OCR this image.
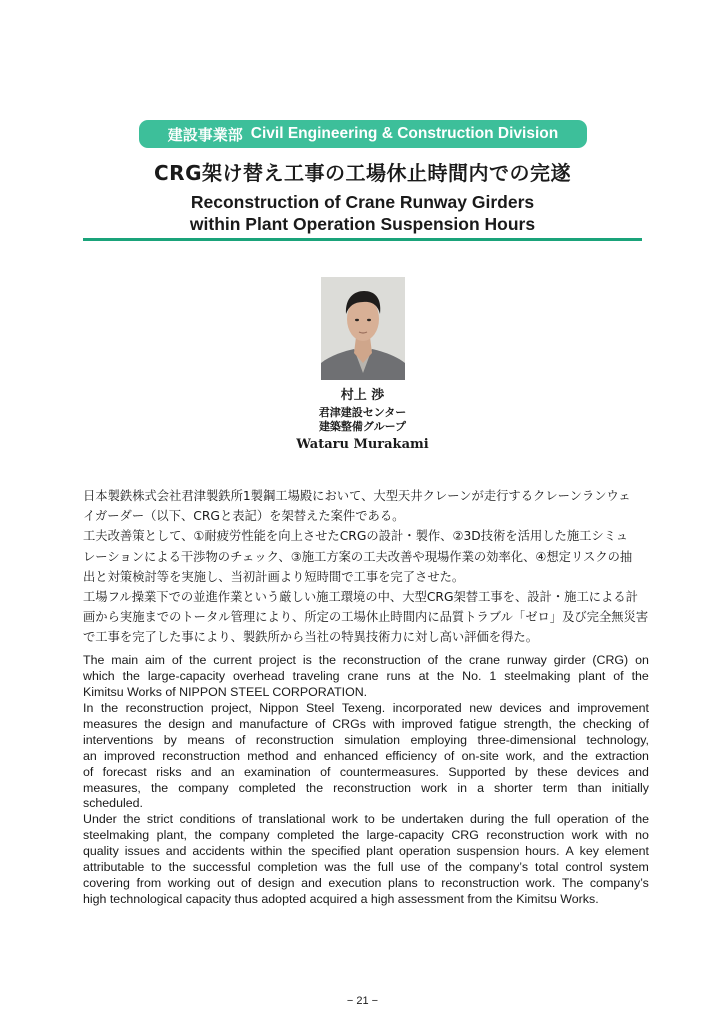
建設事業部 Civil Engineering & Construction Division
CRG架け替え工事の工場休止時間内での完遂
Reconstruction of Crane Runway Girders
within Plant Operation Suspension Hours
村上 渉
君津建設センター
建築整備グループ
Wataru Murakami
日本製鉄株式会社君津製鉄所1製鋼工場殿において、大型天井クレーンが走行するクレーンランウェ
イガーダー（以下、CRGと表記）を架替えた案件である。
工夫改善策として、①耐疲労性能を向上させたCRGの設計・製作、②3D技術を活用した施工シミュ
レーションによる干渉物のチェック、③施工方案の工夫改善や現場作業の効率化、④想定リスクの抽
出と対策検討等を実施し、当初計画より短時間で工事を完了させた。
工場フル操業下での並進作業という厳しい施工環境の中、大型CRG架替工事を、設計・施工による計
画から実施までのトータル管理により、所定の工場休止時間内に品質トラブル「ゼロ」及び完全無災害
で工事を完了した事により、製鉄所から当社の特異技術力に対し高い評価を得た。
The main aim of the current project is the reconstruction of the crane runway girder (CRG) on
which the large-capacity overhead traveling crane runs at the No. 1 steelmaking plant of the
Kimitsu Works of NIPPON STEEL CORPORATION.
In the reconstruction project, Nippon Steel Texeng. incorporated new devices and improvement
measures the design and manufacture of CRGs with improved fatigue strength, the checking of
interventions by means of reconstruction simulation employing three-dimensional technology,
an improved reconstruction method and enhanced efficiency of on-site work, and the extraction
of forecast risks and an examination of countermeasures. Supported by these devices and
measures, the company completed the reconstruction work in a shorter term than initially
scheduled.
Under the strict conditions of translational work to be undertaken during the full operation of the
steelmaking plant, the company completed the large-capacity CRG reconstruction work with no
quality issues and accidents within the specified plant operation suspension hours. A key element
attributable to the successful completion was the full use of the company’s total control system
covering from working out of design and execution plans to reconstruction work. The company’s
high technological capacity thus adopted acquired a high assessment from the Kimitsu Works.
− 21 −
